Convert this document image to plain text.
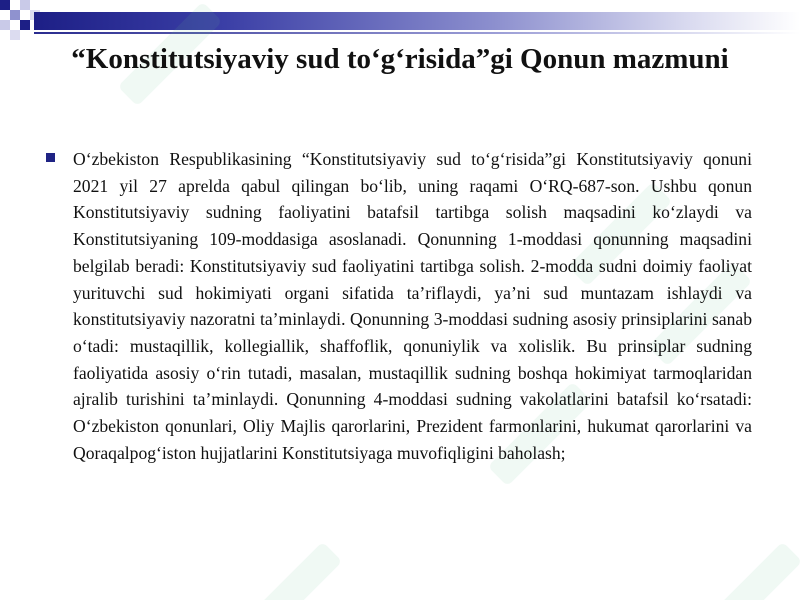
“Konstitutsiyaviy sud to‘g‘risida”gi Qonun mazmuni
O‘zbekiston Respublikasining “Konstitutsiyaviy sud to‘g‘risida”gi Konstitutsiyaviy qonuni 2021 yil 27 aprelda qabul qilingan bo‘lib, uning raqami O‘RQ-687-son. Ushbu qonun Konstitutsiyaviy sudning faoliyatini batafsil tartibga solish maqsadini ko‘zlaydi va Konstitutsiyaning 109-moddasiga asoslanadi. Qonunning 1-moddasi qonunning maqsadini belgilab beradi: Konstitutsiyaviy sud faoliyatini tartibga solish. 2-modda sudni doimiy faoliyat yurituvchi sud hokimiyati organi sifatida ta’riflaydi, ya’ni sud muntazam ishlaydi va konstitutsiyaviy nazoratni ta’minlaydi. Qonunning 3-moddasi sudning asosiy prinsiplarini sanab o‘tadi: mustaqillik, kollegiallik, shaffoflik, qonuniylik va xolislik. Bu prinsiplar sudning faoliyatida asosiy o‘rin tutadi, masalan, mustaqillik sudning boshqa hokimiyat tarmoqlaridan ajralib turishini ta’minlaydi. Qonunning 4-moddasi sudning vakolatlarini batafsil ko‘rsatadi: O‘zbekiston qonunlari, Oliy Majlis qarorlarini, Prezident farmonlarini, hukumat qarorlarini va Qoraqalpog‘iston hujjatlarini Konstitutsiyaga muvofiqligini baholash;
